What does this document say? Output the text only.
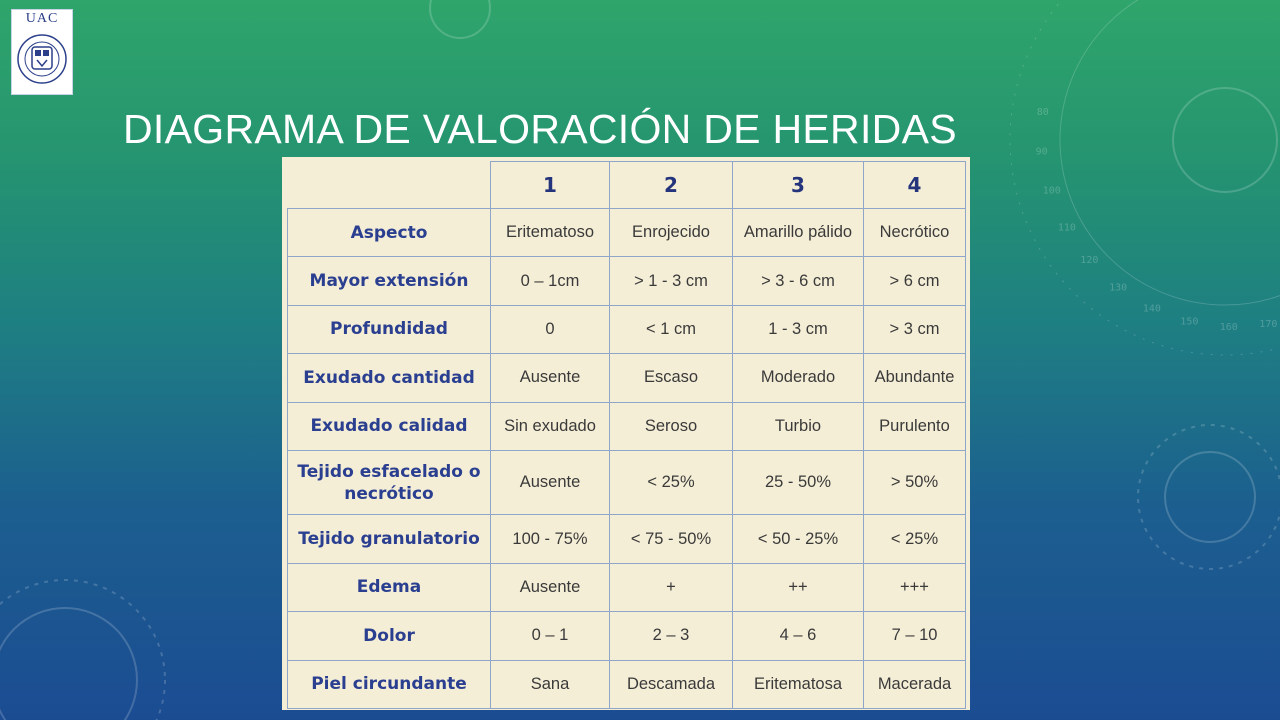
170
160
150
140
130
120
110
100
90
80
UAC
DIAGRAMA DE VALORACIÓN DE HERIDAS
	1	2	3	4
Aspecto	Eritematoso	Enrojecido	Amarillo pálido	Necrótico
Mayor extensión	0 – 1cm	> 1 - 3 cm	> 3 - 6 cm	> 6 cm
Profundidad	0	< 1 cm	1 - 3 cm	> 3 cm
Exudado cantidad	Ausente	Escaso	Moderado	Abundante
Exudado calidad	Sin exudado	Seroso	Turbio	Purulento
Tejido esfacelado o necrótico	Ausente	< 25%	25 - 50%	> 50%
Tejido granulatorio	100 - 75%	< 75 - 50%	< 50 - 25%	< 25%
Edema	Ausente	+	++	+++
Dolor	0 – 1	2 – 3	4 – 6	7 – 10
Piel circundante	Sana	Descamada	Eritematosa	Macerada
